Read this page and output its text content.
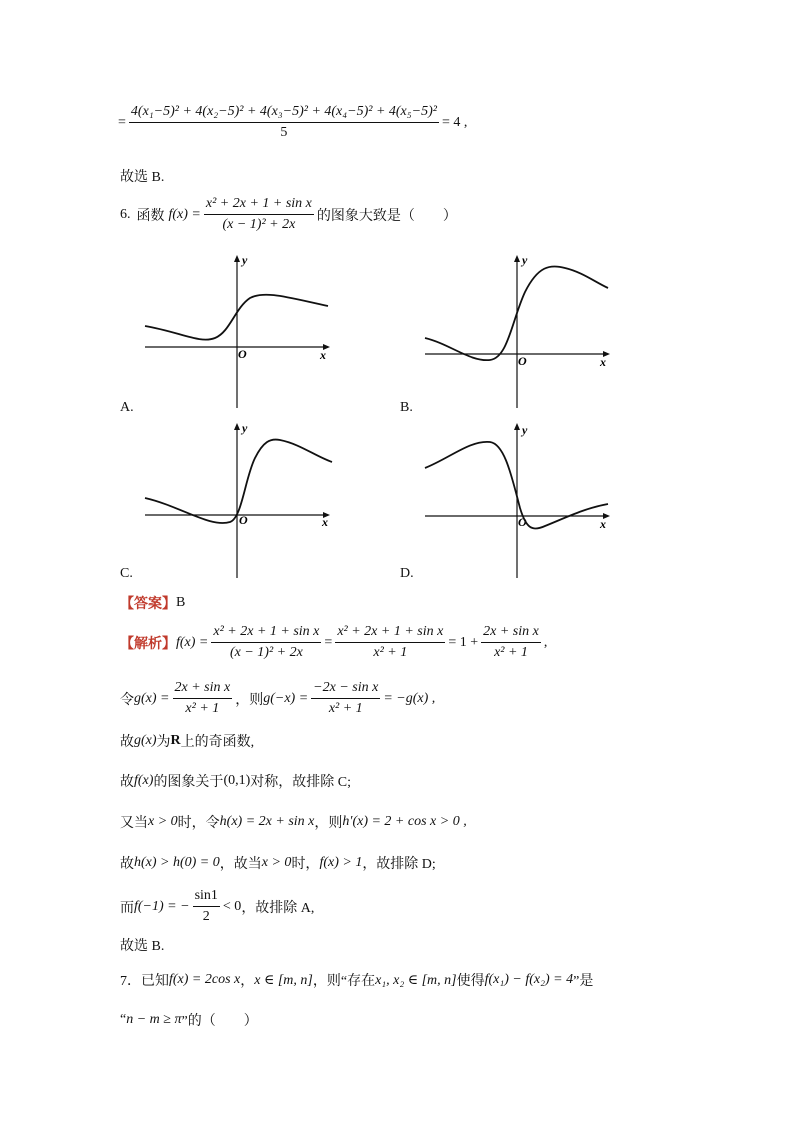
= $\frac{\text{4(x₁−5)² + 4(x₂−5)² + 4(x₃−5)² + 4(x₄−5)² + 4(x₅−5)²}}{5} = 4$ ,
故选 B.
6. 函数 $f(x) = \frac{\text{x² + 2x + 1 + sin x}}{\text{(x − 1)² + 2x}}$ 的图象大致是（　　）
y
x
O
A.
y
x
O
B.
y
x
O
C.
y
x
O
D.
【答案】 B
【解析】 $f(x) = \frac{\text{x² + 2x + 1 + sin x}}{\text{(x − 1)² + 2x}} = \frac{\text{x² + 2x + 1 + sin x}}{\text{x² + 1}} = 1 + \frac{\text{2x + sin x}}{\text{x² + 1}}$ ,
令 $g(x) = \frac{\text{2x + sin x}}{\text{x² + 1}}$ ，则 $g(-x) = \frac{\text{−2x − sin x}}{\text{x² + 1}} = -g(x)$ ,
故 g(x) 为 R 上的奇函数,
故 f(x) 的图象关于 (0,1) 对称，故排除 C;
又当 x > 0 时，令 h(x) = 2x + sin x ，则 h′(x) = 2 + cos x > 0 ,
故 h(x) > h(0) = 0 ，故当 x > 0 时， f(x) > 1 ，故排除 D;
而 f(−1) = − $\frac{\sin 1}{2} < 0$ ，故排除 A,
故选 B.
7．已知 f(x) = 2cos x ， x ∈ [m, n] ，则“存在 x₁, x₂ ∈ [m, n] 使得 f(x₁) − f(x₂) = 4 ”是
“ n − m ≥ π ”的（　　）
